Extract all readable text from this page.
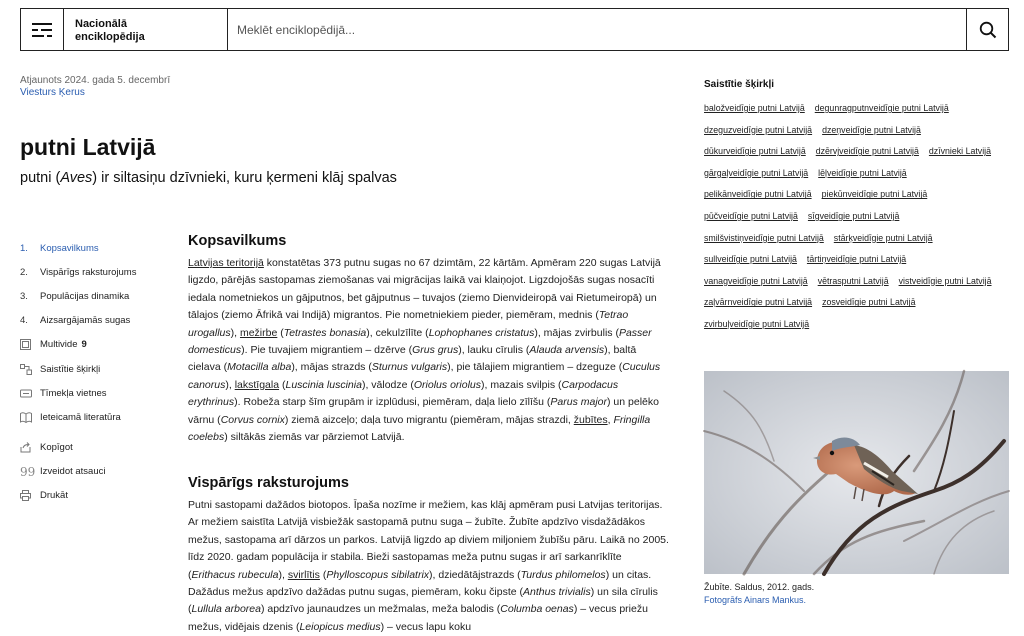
Nacionālā
enciklopēdija
Meklēt enciklopēdijā...
Atjaunots 2024. gada 5. decembrī
Viesturs Ķerus
putni Latvijā
putni (Aves) ir siltasiņu dzīvnieki, kuru ķermeni klāj spalvas
1.	Kopsavilkums
2.	Vispārīgs raksturojums
3.	Populācijas dinamika
4.	Aizsargājamās sugas
Multivide 9
Saistītie šķirkļi
Tīmekļa vietnes
Ieteicamā literatūra
Kopīgot
99 Izveidot atsauci
Drukāt
Kopsavilkums

Latvijas teritorijā konstatētas 373 putnu sugas no 67 dzimtām, 22 kārtām. Apmēram 220 sugas Latvijā ligzdo, pārējās sastopamas ziemošanas vai migrācijas laikā vai klaiņojot. Ligzdojošās sugas nosacīti iedala nometniekos un gājputnos, bet gājputnus – tuvajos (ziemo Dienvideiropā vai Rietumeiropā) un tālajos (ziemo Āfrikā vai Indijā) migrantos. Pie nometniekiem pieder, piemēram, mednis (Tetrao urogallus), mežirbe (Tetrastes bonasia), cekulzīlīte (Lophophanes cristatus), mājas zvirbulis (Passer domesticus). Pie tuvajiem migrantiem – dzērve (Grus grus), lauku cīrulis (Alauda arvensis), baltā cielava (Motacilla alba), mājas strazds (Sturnus vulgaris), pie tālajiem migrantiem – dzeguze (Cuculus canorus), lakstīgala (Luscinia luscinia), vālodze (Oriolus oriolus), mazais svilpis (Carpodacus erythrinus). Robeža starp šīm grupām ir izplūdusi, piemēram, daļa lielo zīlīšu (Parus major) un pelēko vārnu (Corvus cornix) ziemā aizceļo; daļa tuvo migrantu (piemēram, mājas strazdi, žubītes, Fringilla coelebs) siltākās ziemās var pārziemot Latvijā.

Vispārīgs raksturojums

Putni sastopami dažādos biotopos. Īpaša nozīme ir mežiem, kas klāj apmēram pusi Latvijas teritorijas. Ar mežiem saistīta Latvijā visbiežāk sastopamā putnu suga – žubīte. Žubīte apdzīvo visdažādākos mežus, sastopama arī dārzos un parkos. Latvijā ligzdo ap diviem miljoniem žubīšu pāru. Laikā no 2005. līdz 2020. gadam populācija ir stabila. Bieži sastopamas meža putnu sugas ir arī sarkanrīklīte (Erithacus rubecula), svirlītis (Phylloscopus sibilatrix), dziedātājstrazds (Turdus philomelos) un citas. Dažādus mežus apdzīvo dažādas putnu sugas, piemēram, koku čipste (Anthus trivialis) un sila cīrulis (Lullula arborea) apdzīvo jaunaudzes un mežmalas, meža balodis (Columba oenas) – vecus priežu mežus, vidējais dzenis (Leiopicus medius) – vecus lapu koku

Saistītie šķirkļi
baložveidīgie putni Latvijā degunragputnveidīgie putni Latvijā
dzeguzveidīgie putni Latvijā dzeņveidīgie putni Latvijā
dūkurveidīgie putni Latvijā dzērvjveidīgie putni Latvijā dzīvnieki Latvijā
gārgaļveidīgie putni Latvijā lēļveidīgie putni Latvijā
pelikānveidīgie putni Latvijā piekūnveidīgie putni Latvijā
pūčveidīgie putni Latvijā sīgveidīgie putni Latvijā
smilšvistiņveidīgie putni Latvijā stārķveidīgie putni Latvijā
sullveidīgie putni Latvijā tārtiņveidīgie putni Latvijā
vanagveidīgie putni Latvijā vētrasputni Latvijā vistveidīgie putni Latvijā
zaļvārnveidīgie putni Latvijā zosveidīgie putni Latvijā
zvirbuļveidīgie putni Latvijā
Žubīte. Saldus, 2012. gads.
Fotogrāfs Ainars Mankus.
